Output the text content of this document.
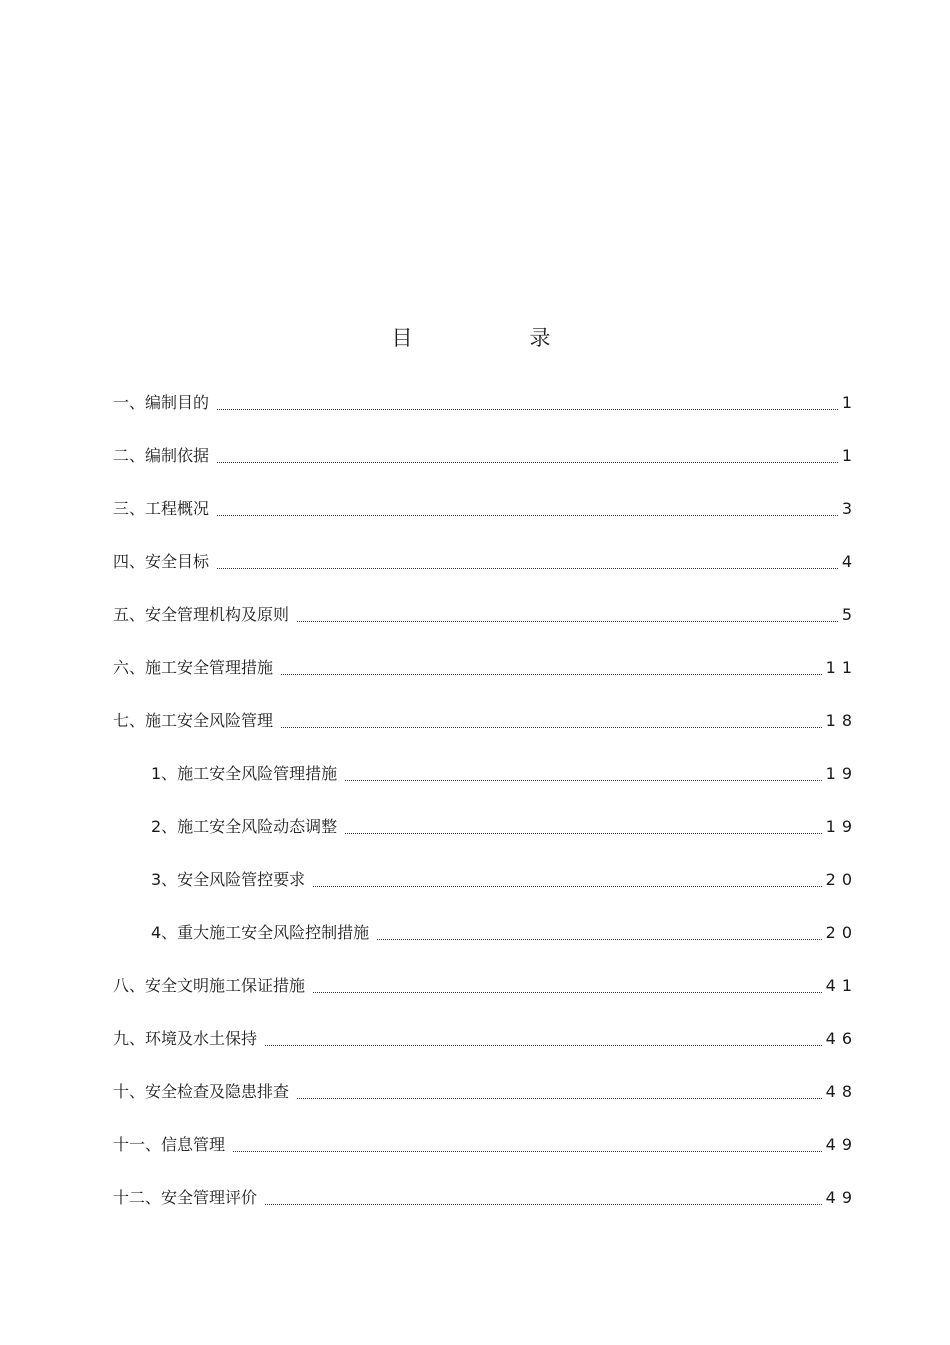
目　录
一、编制目的	1
二、编制依据	1
三、工程概况	3
四、安全目标	4
五、安全管理机构及原则	5
六、施工安全管理措施	11
七、施工安全风险管理	18
1、施工安全风险管理措施	19
2、施工安全风险动态调整	19
3、安全风险管控要求	20
4、重大施工安全风险控制措施	20
八、安全文明施工保证措施	41
九、环境及水土保持	46
十、安全检查及隐患排查	48
十一、信息管理	49
十二、安全管理评价	49
